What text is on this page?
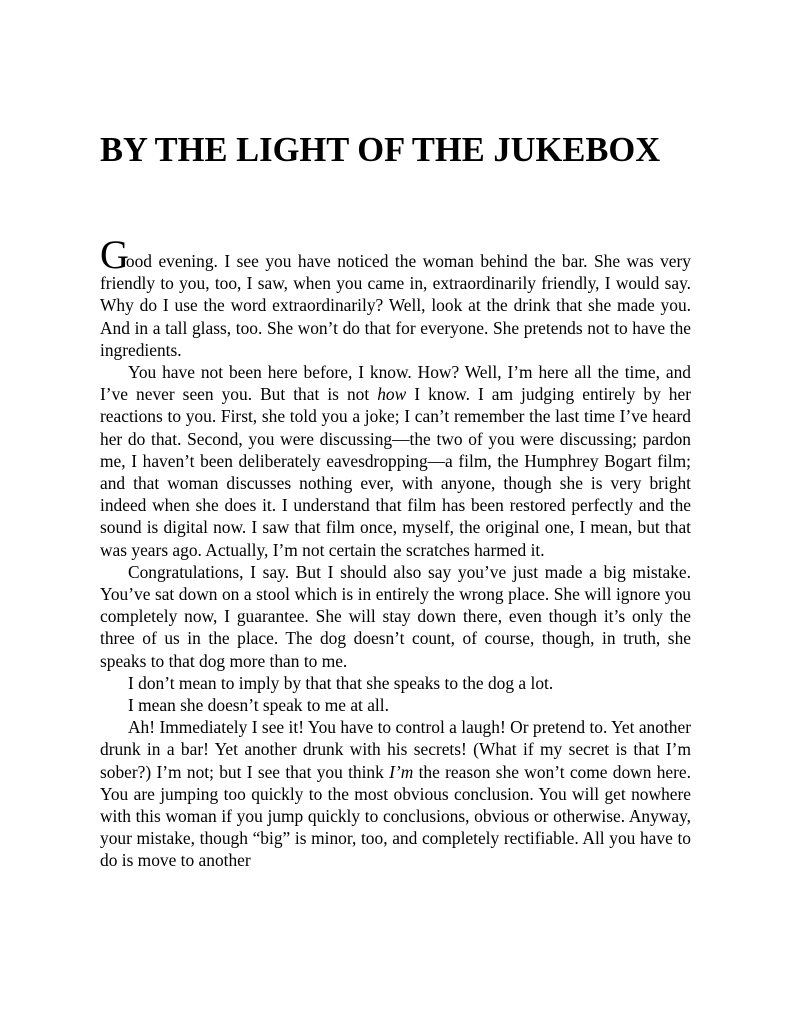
BY THE LIGHT OF THE JUKEBOX

Good evening. I see you have noticed the woman behind the bar. She was very friendly to you, too, I saw, when you came in, extraordinarily friendly, I would say. Why do I use the word extraordinarily? Well, look at the drink that she made you. And in a tall glass, too. She won’t do that for everyone. She pretends not to have the ingredients.

You have not been here before, I know. How? Well, I’m here all the time, and I’ve never seen you. But that is not how I know. I am judging entirely by her reactions to you. First, she told you a joke; I can’t remember the last time I’ve heard her do that. Second, you were discussing—the two of you were discussing; pardon me, I haven’t been deliberately eavesdropping—a film, the Humphrey Bogart film; and that woman discusses nothing ever, with anyone, though she is very bright indeed when she does it. I understand that film has been restored perfectly and the sound is digital now. I saw that film once, myself, the original one, I mean, but that was years ago. Actually, I’m not certain the scratches harmed it.

Congratulations, I say. But I should also say you’ve just made a big mistake. You’ve sat down on a stool which is in entirely the wrong place. She will ignore you completely now, I guarantee. She will stay down there, even though it’s only the three of us in the place. The dog doesn’t count, of course, though, in truth, she speaks to that dog more than to me.

I don’t mean to imply by that that she speaks to the dog a lot.

I mean she doesn’t speak to me at all.

Ah! Immediately I see it! You have to control a laugh! Or pretend to. Yet another drunk in a bar! Yet another drunk with his secrets! (What if my secret is that I’m sober?) I’m not; but I see that you think I’m the reason she won’t come down here. You are jumping too quickly to the most obvious conclusion. You will get nowhere with this woman if you jump quickly to conclusions, obvious or otherwise. Anyway, your mistake, though “big” is minor, too, and completely rectifiable. All you have to do is move to another
